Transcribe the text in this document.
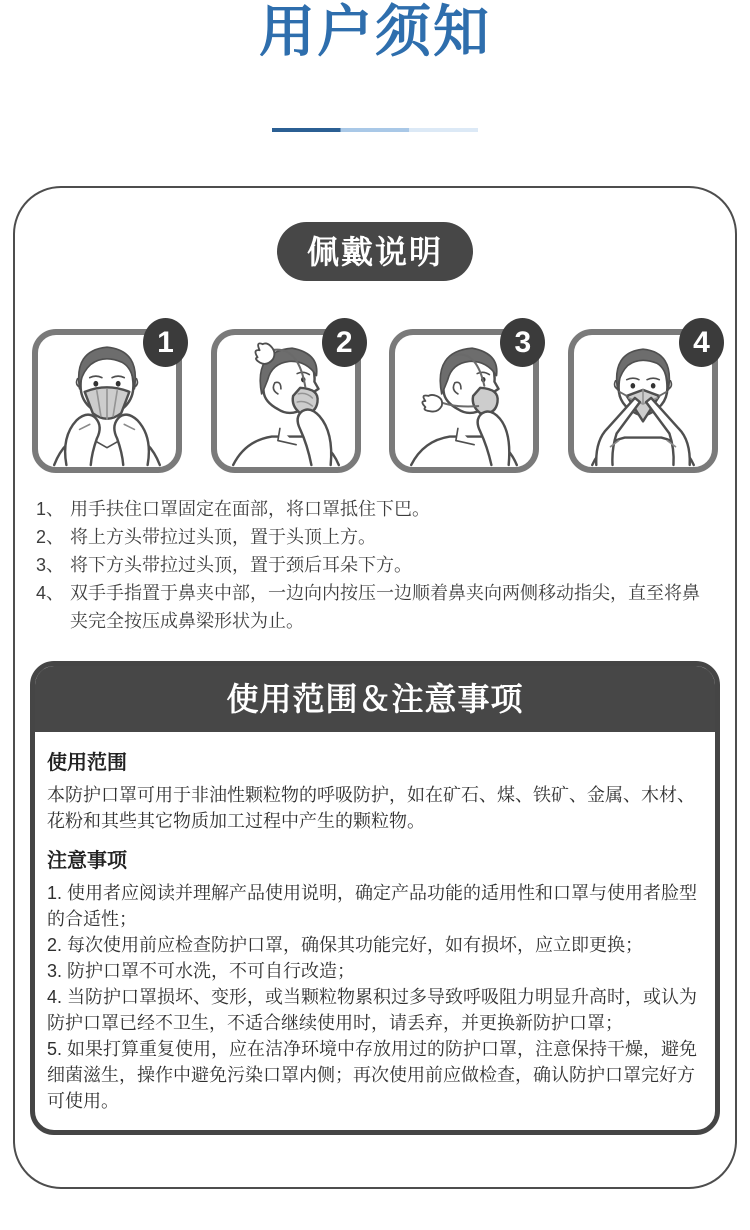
用户须知
佩戴说明
1	2	3	4
1、 用手扶住口罩固定在面部，将口罩抵住下巴。
2、 将上方头带拉过头顶，置于头顶上方。
3、 将下方头带拉过头顶，置于颈后耳朵下方。
4、 双手手指置于鼻夹中部，一边向内按压一边顺着鼻夹向两侧移动指尖，直至将鼻夹完全按压成鼻梁形状为止。
使用范围＆注意事项
使用范围

本防护口罩可用于非油性颗粒物的呼吸防护，如在矿石、煤、铁矿、金属、木材、花粉和其些其它物质加工过程中产生的颗粒物。

注意事项

1. 使用者应阅读并理解产品使用说明，确定产品功能的适用性和口罩与使用者脸型的合适性；

2. 每次使用前应检查防护口罩，确保其功能完好，如有损坏，应立即更换；

3. 防护口罩不可水洗，不可自行改造；

4. 当防护口罩损坏、变形，或当颗粒物累积过多导致呼吸阻力明显升高时，或认为防护口罩已经不卫生，不适合继续使用时，请丢弃，并更换新防护口罩；

5. 如果打算重复使用，应在洁净环境中存放用过的防护口罩，注意保持干燥，避免细菌滋生，操作中避免污染口罩内侧；再次使用前应做检查，确认防护口罩完好方可使用。
